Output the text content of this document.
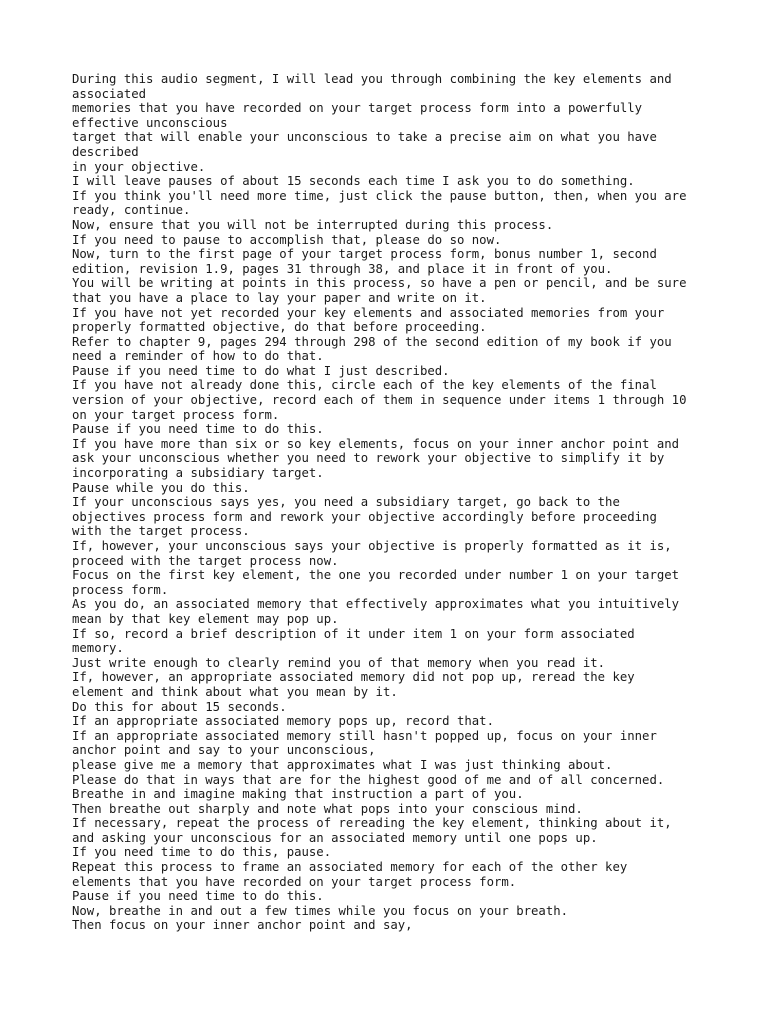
During this audio segment, I will lead you through combining the key elements and

associated

memories that you have recorded on your target process form into a powerfully

effective unconscious

target that will enable your unconscious to take a precise aim on what you have

described

in your objective.

I will leave pauses of about 15 seconds each time I ask you to do something.

If you think you'll need more time, just click the pause button, then, when you are

ready, continue.

Now, ensure that you will not be interrupted during this process.

If you need to pause to accomplish that, please do so now.

Now, turn to the first page of your target process form, bonus number 1, second

edition, revision 1.9, pages 31 through 38, and place it in front of you.

You will be writing at points in this process, so have a pen or pencil, and be sure

that you have a place to lay your paper and write on it.

If you have not yet recorded your key elements and associated memories from your

properly formatted objective, do that before proceeding.

Refer to chapter 9, pages 294 through 298 of the second edition of my book if you

need a reminder of how to do that.

Pause if you need time to do what I just described.

If you have not already done this, circle each of the key elements of the final

version of your objective, record each of them in sequence under items 1 through 10

on your target process form.

Pause if you need time to do this.

If you have more than six or so key elements, focus on your inner anchor point and

ask your unconscious whether you need to rework your objective to simplify it by

incorporating a subsidiary target.

Pause while you do this.

If your unconscious says yes, you need a subsidiary target, go back to the

objectives process form and rework your objective accordingly before proceeding

with the target process.

If, however, your unconscious says your objective is properly formatted as it is,

proceed with the target process now.

Focus on the first key element, the one you recorded under number 1 on your target

process form.

As you do, an associated memory that effectively approximates what you intuitively

mean by that key element may pop up.

If so, record a brief description of it under item 1 on your form associated

memory.

Just write enough to clearly remind you of that memory when you read it.

If, however, an appropriate associated memory did not pop up, reread the key

element and think about what you mean by it.

Do this for about 15 seconds.

If an appropriate associated memory pops up, record that.

If an appropriate associated memory still hasn't popped up, focus on your inner

anchor point and say to your unconscious,

please give me a memory that approximates what I was just thinking about.

Please do that in ways that are for the highest good of me and of all concerned.

Breathe in and imagine making that instruction a part of you.

Then breathe out sharply and note what pops into your conscious mind.

If necessary, repeat the process of rereading the key element, thinking about it,

and asking your unconscious for an associated memory until one pops up.

If you need time to do this, pause.

Repeat this process to frame an associated memory for each of the other key

elements that you have recorded on your target process form.

Pause if you need time to do this.

Now, breathe in and out a few times while you focus on your breath.

Then focus on your inner anchor point and say,
